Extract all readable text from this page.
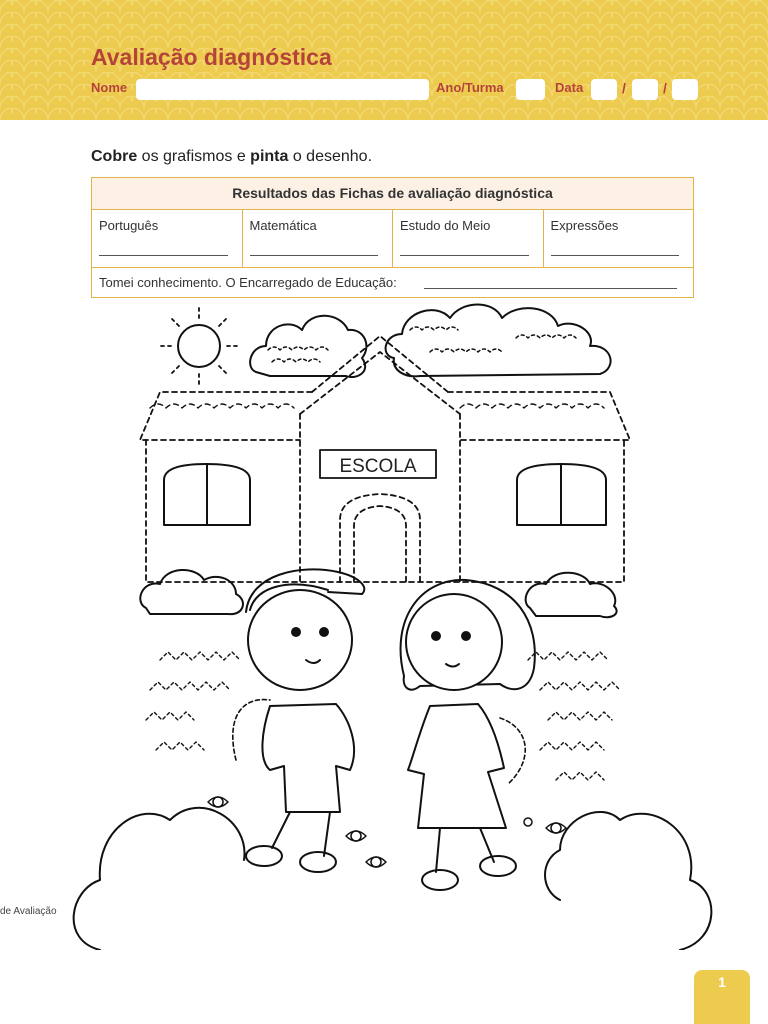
Avaliação diagnóstica
Nome	Ano/Turma	Data	/	/
Cobre os grafismos e pinta o desenho.
Resultados das Fichas de avaliação diagnóstica
Português	Matemática	Estudo do Meio	Expressões
Tomei conhecimento. O Encarregado de Educação:
ESCOLA
de Avaliação
1
